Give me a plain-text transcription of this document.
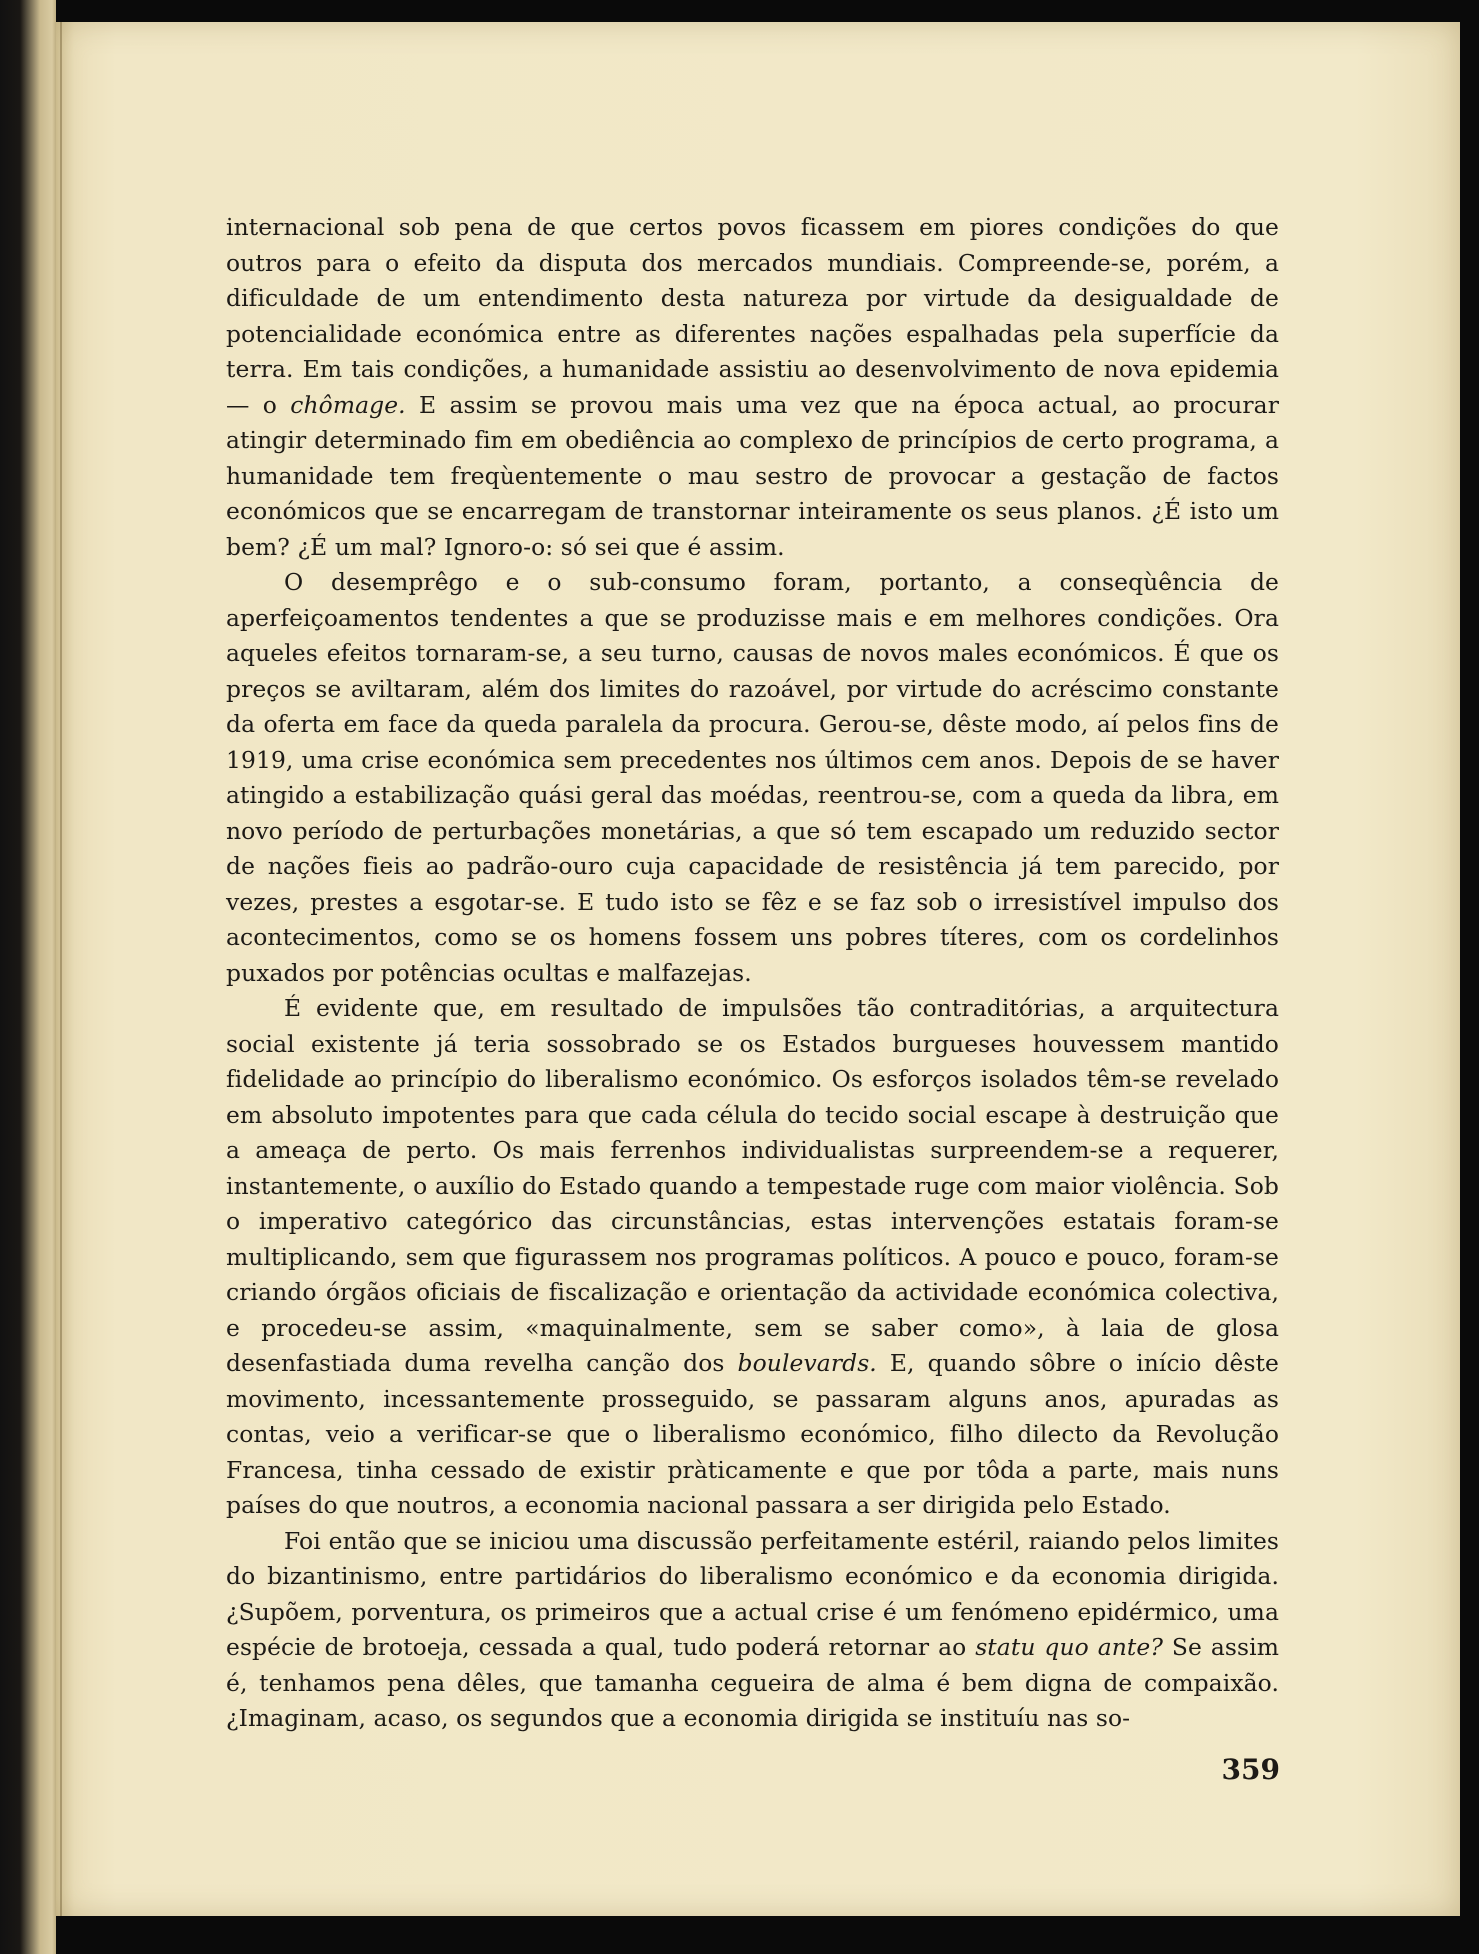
internacional sob pena de que certos povos ficassem em piores condições do que outros para o efeito da disputa dos mercados mundiais. Compreende-se, porém, a dificuldade de um entendimento desta natureza por virtude da desigualdade de potencialidade económica entre as diferentes nações espalhadas pela superfície da terra. Em tais condições, a humanidade assistiu ao desenvolvimento de nova epidemia — o chômage. E assim se provou mais uma vez que na época actual, ao procurar atingir determinado fim em obediência ao complexo de princípios de certo programa, a humanidade tem freqùentemente o mau sestro de provocar a gestação de factos económicos que se encarregam de transtornar inteiramente os seus planos. ¿É isto um bem? ¿É um mal? Ignoro-o: só sei que é assim.

O desemprêgo e o sub-consumo foram, portanto, a conseqùência de aperfeiçoamentos tendentes a que se produzisse mais e em melhores condições. Ora aqueles efeitos tornaram-se, a seu turno, causas de novos males económicos. É que os preços se aviltaram, além dos limites do razoável, por virtude do acréscimo constante da oferta em face da queda paralela da procura. Gerou-se, dêste modo, aí pelos fins de 1919, uma crise económica sem precedentes nos últimos cem anos. Depois de se haver atingido a estabilização quási geral das moédas, reentrou-se, com a queda da libra, em novo período de perturbações monetárias, a que só tem escapado um reduzido sector de nações fieis ao padrão-ouro cuja capacidade de resistência já tem parecido, por vezes, prestes a esgotar-se. E tudo isto se fêz e se faz sob o irresistível impulso dos acontecimentos, como se os homens fossem uns pobres títeres, com os cordelinhos puxados por potências ocultas e malfazejas.

É evidente que, em resultado de impulsões tão contraditórias, a arquitectura social existente já teria sossobrado se os Estados burgueses houvessem mantido fidelidade ao princípio do liberalismo económico. Os esforços isolados têm-se revelado em absoluto impotentes para que cada célula do tecido social escape à destruição que a ameaça de perto. Os mais ferrenhos individualistas surpreendem-se a requerer, instantemente, o auxílio do Estado quando a tempestade ruge com maior violência. Sob o imperativo categórico das circunstâncias, estas intervenções estatais foram-se multiplicando, sem que figurassem nos programas políticos. A pouco e pouco, foram-se criando órgãos oficiais de fiscalização e orientação da actividade económica colectiva, e procedeu-se assim, «maquinalmente, sem se saber como», à laia de glosa desenfastiada duma revelha canção dos boulevards. E, quando sôbre o início dêste movimento, incessantemente prosseguido, se passaram alguns anos, apuradas as contas, veio a verificar-se que o liberalismo económico, filho dilecto da Revolução Francesa, tinha cessado de existir pràticamente e que por tôda a parte, mais nuns países do que noutros, a economia nacional passara a ser dirigida pelo Estado.

Foi então que se iniciou uma discussão perfeitamente estéril, raiando pelos limites do bizantinismo, entre partidários do liberalismo económico e da economia dirigida. ¿Supõem, porventura, os primeiros que a actual crise é um fenómeno epidérmico, uma espécie de brotoeja, cessada a qual, tudo poderá retornar ao statu quo ante? Se assim é, tenhamos pena dêles, que tamanha cegueira de alma é bem digna de compaixão. ¿Imaginam, acaso, os segundos que a economia dirigida se instituíu nas so-

359
